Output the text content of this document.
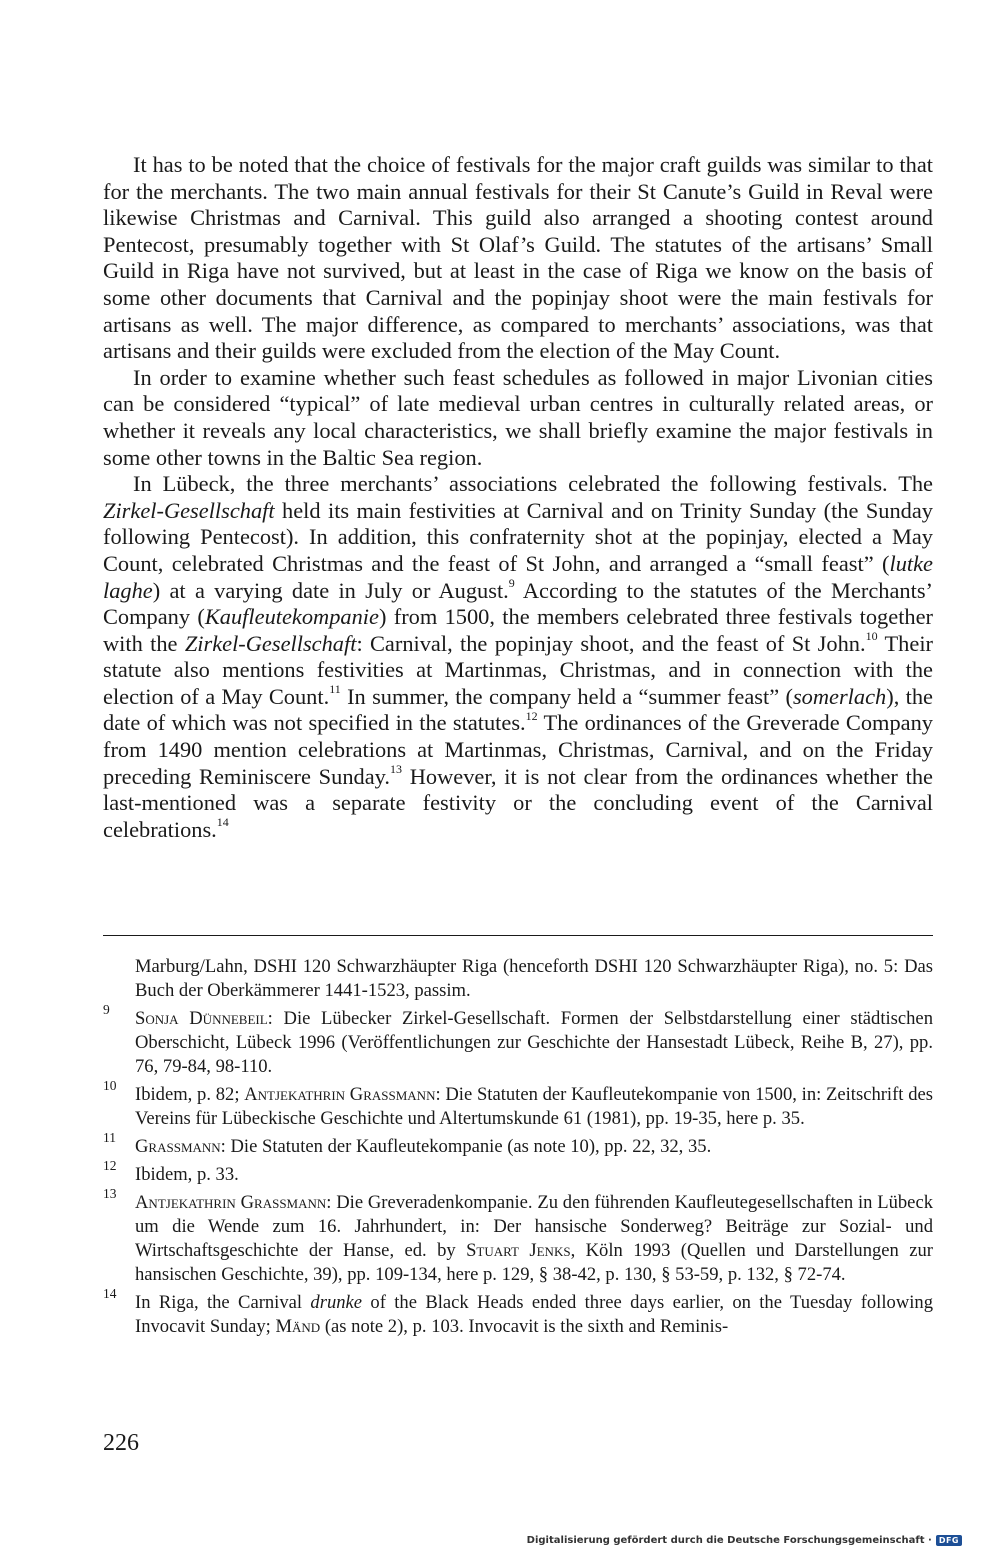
It has to be noted that the choice of festivals for the major craft guilds was similar to that for the merchants. The two main annual festivals for their St Canute’s Guild in Reval were likewise Christmas and Carnival. This guild also arranged a shooting contest around Pentecost, presumably together with St Olaf’s Guild. The statutes of the artisans’ Small Guild in Riga have not survived, but at least in the case of Riga we know on the basis of some other documents that Carnival and the popinjay shoot were the main festivals for artisans as well. The major difference, as compared to merchants’ associations, was that artisans and their guilds were excluded from the election of the May Count.

In order to examine whether such feast schedules as followed in major Livonian cities can be considered “typical” of late medieval urban centres in culturally related areas, or whether it reveals any local characteristics, we shall briefly examine the major festivals in some other towns in the Baltic Sea region.

In Lübeck, the three merchants’ associations celebrated the following festivals. The Zirkel-Gesellschaft held its main festivities at Carnival and on Trinity Sunday (the Sunday following Pentecost). In addition, this confraternity shot at the popinjay, elected a May Count, celebrated Christmas and the feast of St John, and arranged a “small feast” (lutke laghe) at a varying date in July or August.$^9$ According to the statutes of the Merchants’ Company (Kaufleutekompanie) from 1500, the members celebrated three festivals together with the Zirkel-Gesellschaft: Carnival, the popinjay shoot, and the feast of St John.$^{10}$ Their statute also mentions festivities at Martinmas, Christmas, and in connection with the election of a May Count.$^{11}$ In summer, the company held a “summer feast” (somerlach), the date of which was not specified in the statutes.$^{12}$ The ordinances of the Greverade Company from 1490 mention celebrations at Martinmas, Christmas, Carnival, and on the Friday preceding Reminiscere Sunday.$^{13}$ However, it is not clear from the ordinances whether the last-mentioned was a separate festivity or the concluding event of the Carnival celebrations.$^{14}$

Marburg/Lahn, DSHI 120 Schwarzhäupter Riga (henceforth DSHI 120 Schwarzhäupter Riga), no. 5: Das Buch der Oberkämmerer 1441-1523, passim.
9 Sonja Dünnebeil: Die Lübecker Zirkel-Gesellschaft. Formen der Selbstdarstellung einer städtischen Oberschicht, Lübeck 1996 (Veröffentlichungen zur Geschichte der Hansestadt Lübeck, Reihe B, 27), pp. 76, 79-84, 98-110.
10 Ibidem, p. 82; Antjekathrin Grassmann: Die Statuten der Kaufleutekompanie von 1500, in: Zeitschrift des Vereins für Lübeckische Geschichte und Altertumskunde 61 (1981), pp. 19-35, here p. 35.
11 Grassmann: Die Statuten der Kaufleutekompanie (as note 10), pp. 22, 32, 35.
12 Ibidem, p. 33.
13 Antjekathrin Grassmann: Die Greveradenkompanie. Zu den führenden Kaufleutegesellschaften in Lübeck um die Wende zum 16. Jahrhundert, in: Der hansische Sonderweg? Beiträge zur Sozial- und Wirtschaftsgeschichte der Hanse, ed. by Stuart Jenks, Köln 1993 (Quellen und Darstellungen zur hansischen Geschichte, 39), pp. 109-134, here p. 129, § 38-42, p. 130, § 53-59, p. 132, § 72-74.
14 In Riga, the Carnival drunke of the Black Heads ended three days earlier, on the Tuesday following Invocavit Sunday; Mänd (as note 2), p. 103. Invocavit is the sixth and Reminis-
226
Digitalisierung gefördert durch die Deutsche Forschungsgemeinschaft · DFG
